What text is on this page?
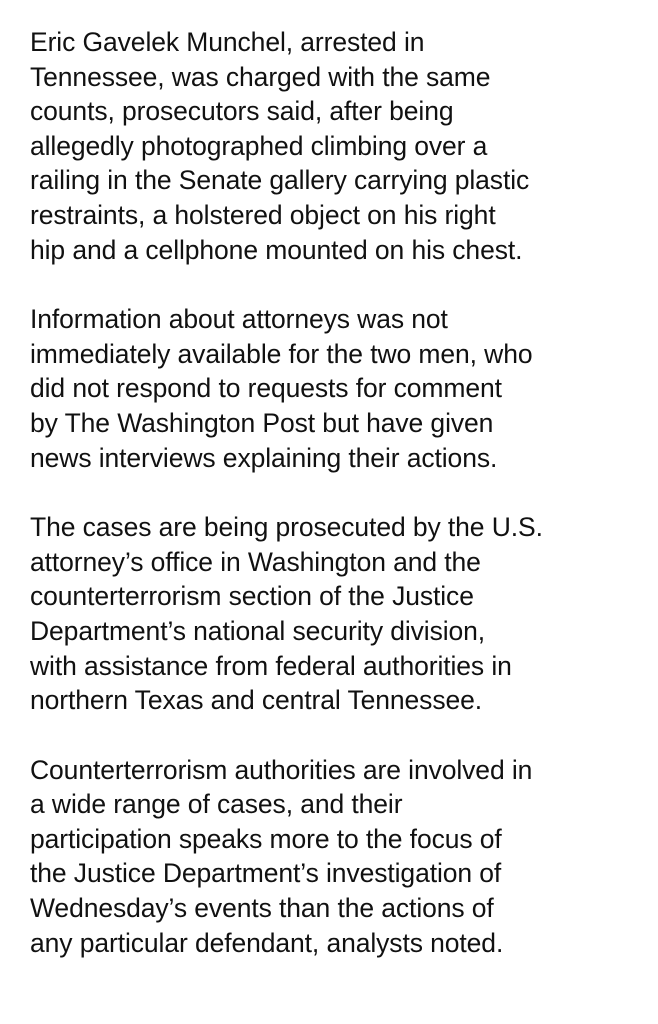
Eric Gavelek Munchel, arrested in
Tennessee, was charged with the same
counts, prosecutors said, after being
allegedly photographed climbing over a
railing in the Senate gallery carrying plastic
restraints, a holstered object on his right
hip and a cellphone mounted on his chest.

Information about attorneys was not
immediately available for the two men, who
did not respond to requests for comment
by The Washington Post but have given
news interviews explaining their actions.

The cases are being prosecuted by the U.S.
attorney’s office in Washington and the
counterterrorism section of the Justice
Department’s national security division,
with assistance from federal authorities in
northern Texas and central Tennessee.

Counterterrorism authorities are involved in
a wide range of cases, and their
participation speaks more to the focus of
the Justice Department’s investigation of
Wednesday’s events than the actions of
any particular defendant, analysts noted.
